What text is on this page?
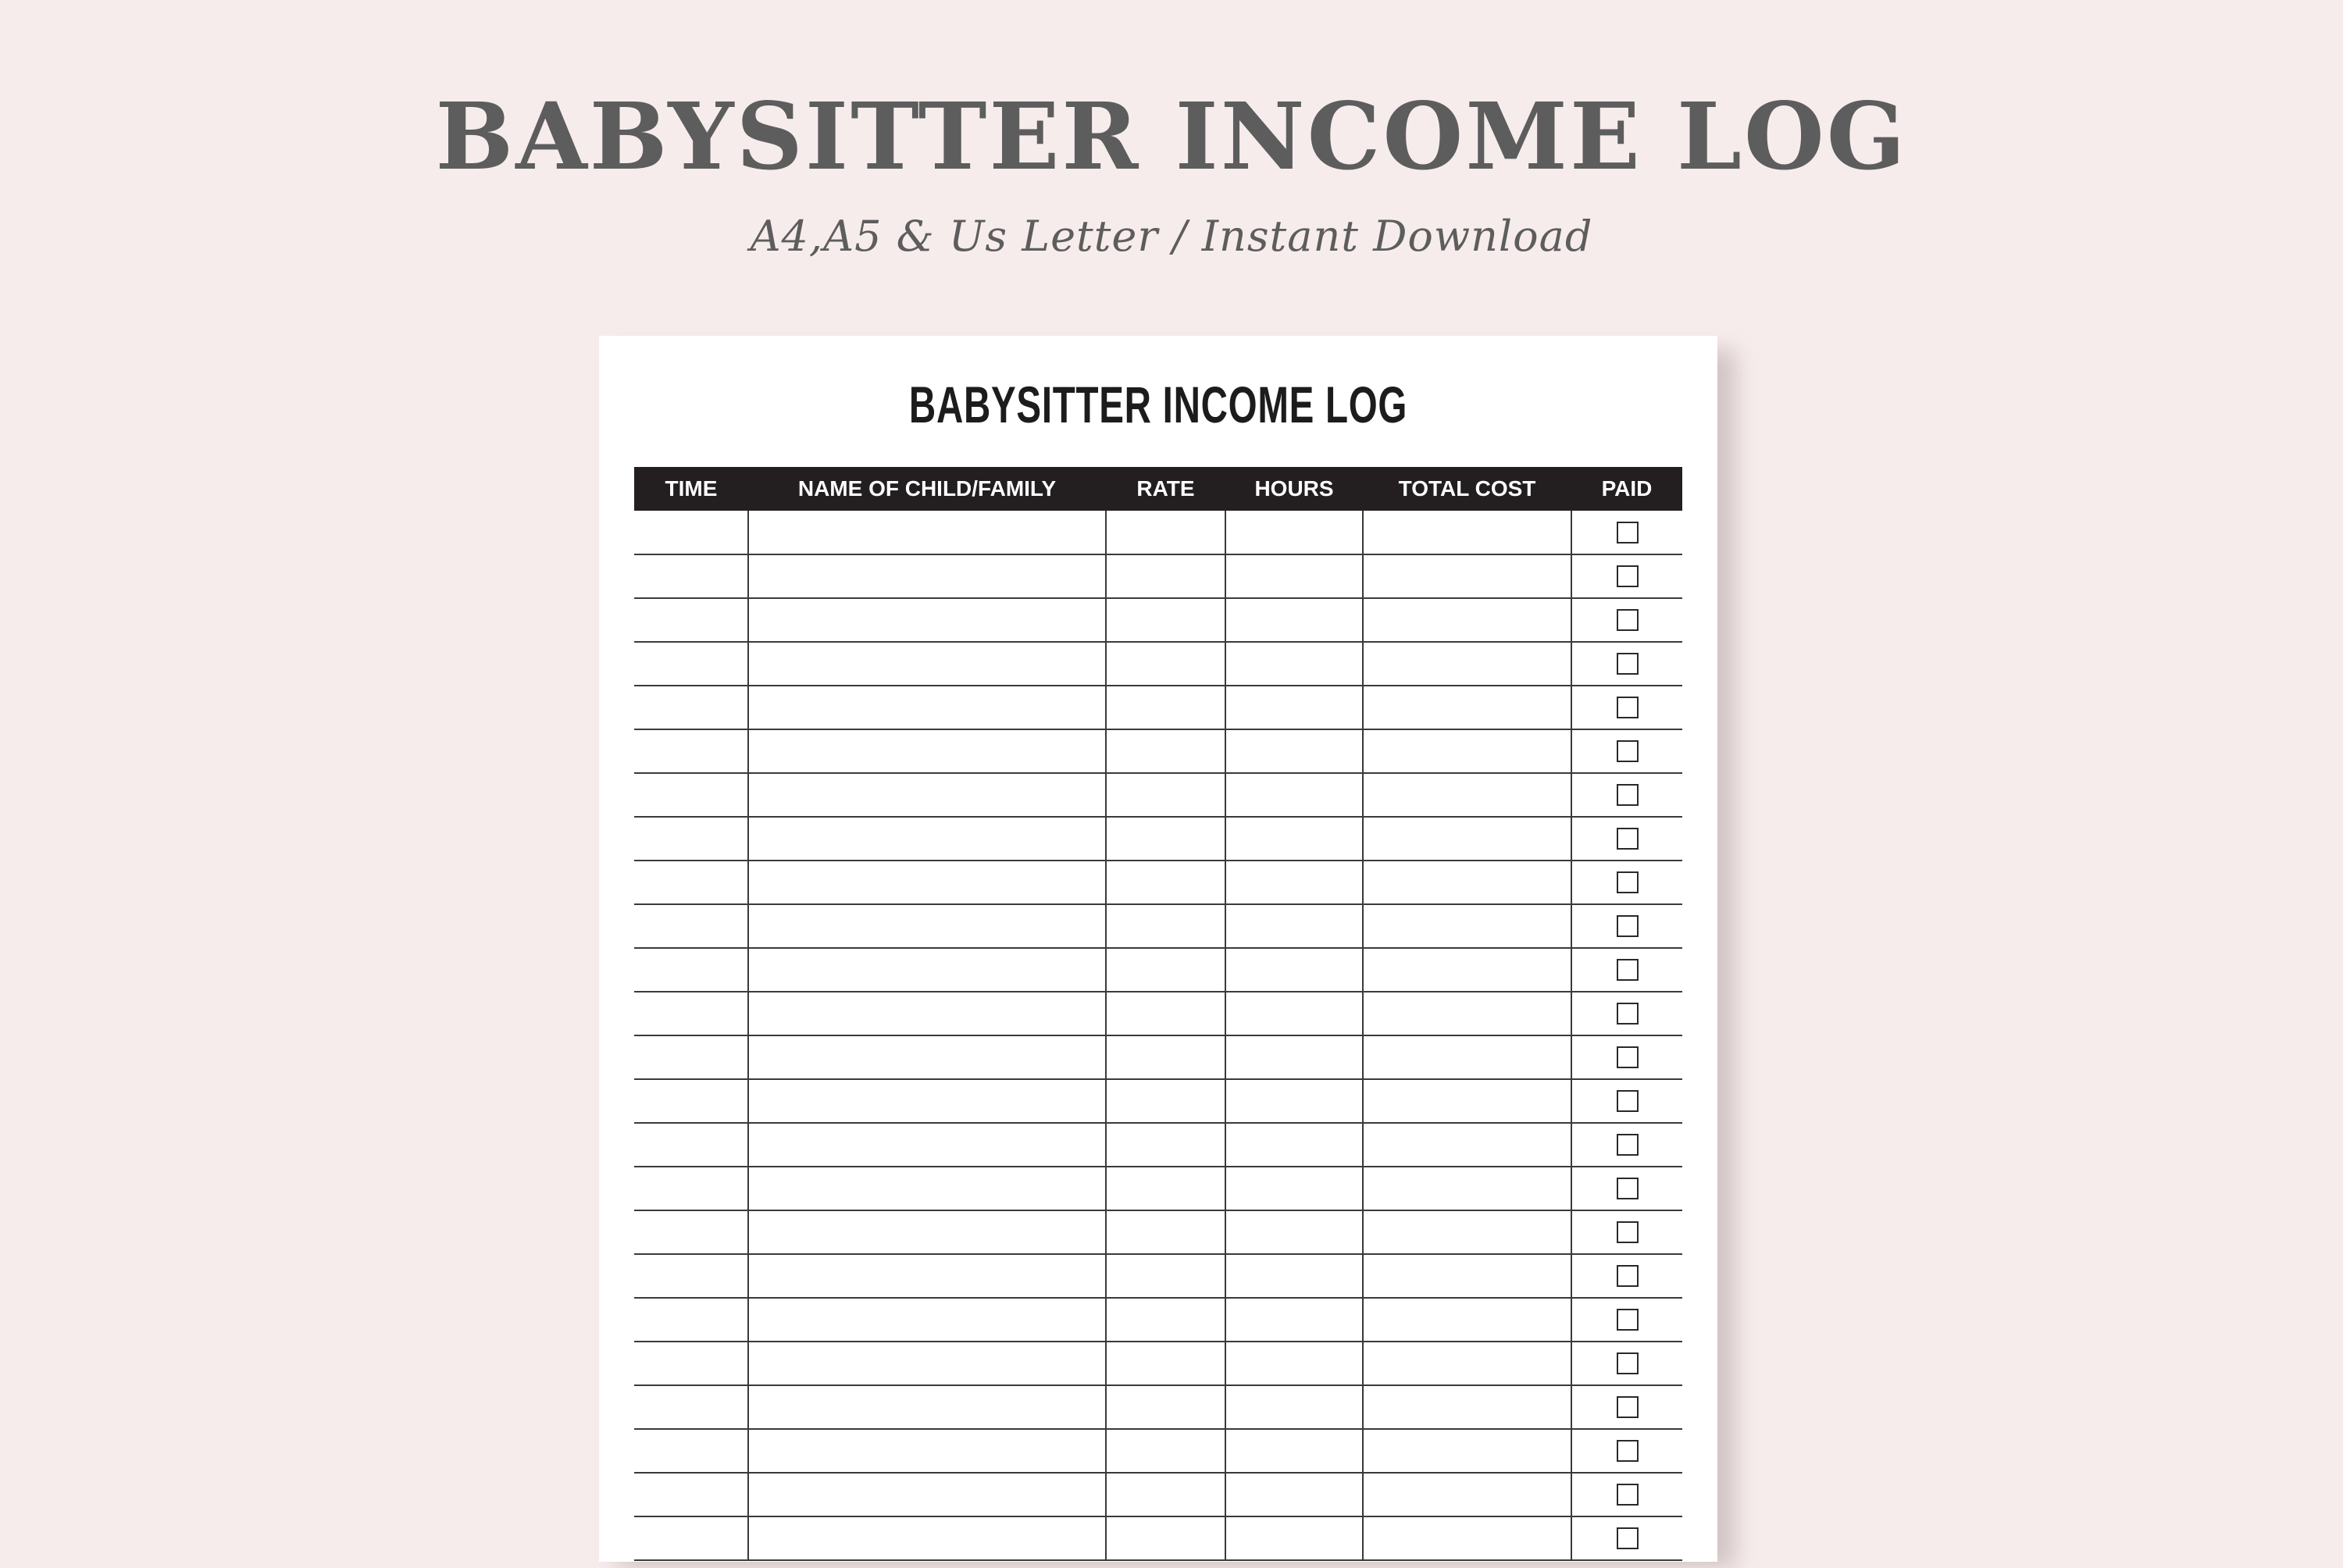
BABYSITTER INCOME LOG
A4,A5 & Us Letter / Instant Download
BABYSITTER INCOME LOG
TIME	NAME OF CHILD/FAMILY	RATE	HOURS	TOTAL COST	PAID
